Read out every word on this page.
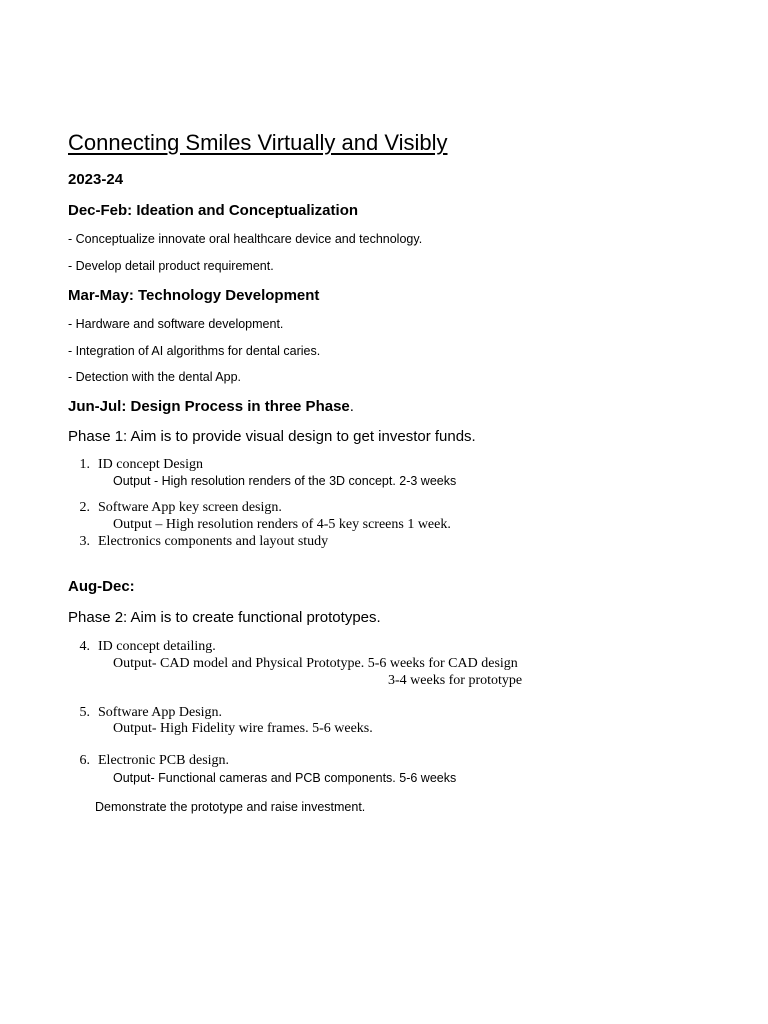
Connecting Smiles Virtually and Visibly
2023-24
Dec-Feb: Ideation and Conceptualization
- Conceptualize innovate oral healthcare device and technology.
- Develop detail product requirement.
Mar-May: Technology Development
- Hardware and software development.
- Integration of AI algorithms for dental caries.
- Detection with the dental App.
Jun-Jul: Design Process in three Phase.
Phase 1: Aim is to provide visual design to get investor funds.
1. ID concept Design
Output - High resolution renders of the 3D concept. 2-3 weeks
2. Software App key screen design.
Output – High resolution renders of 4-5 key screens 1 week.
3. Electronics components and layout study
Aug-Dec:
Phase 2: Aim is to create functional prototypes.
4. ID concept detailing.
Output- CAD model and Physical Prototype. 5-6 weeks for CAD design
3-4 weeks for prototype
5. Software App Design.
Output- High Fidelity wire frames. 5-6 weeks.
6. Electronic PCB design.
Output- Functional cameras and PCB components. 5-6 weeks
Demonstrate the prototype and raise investment.
